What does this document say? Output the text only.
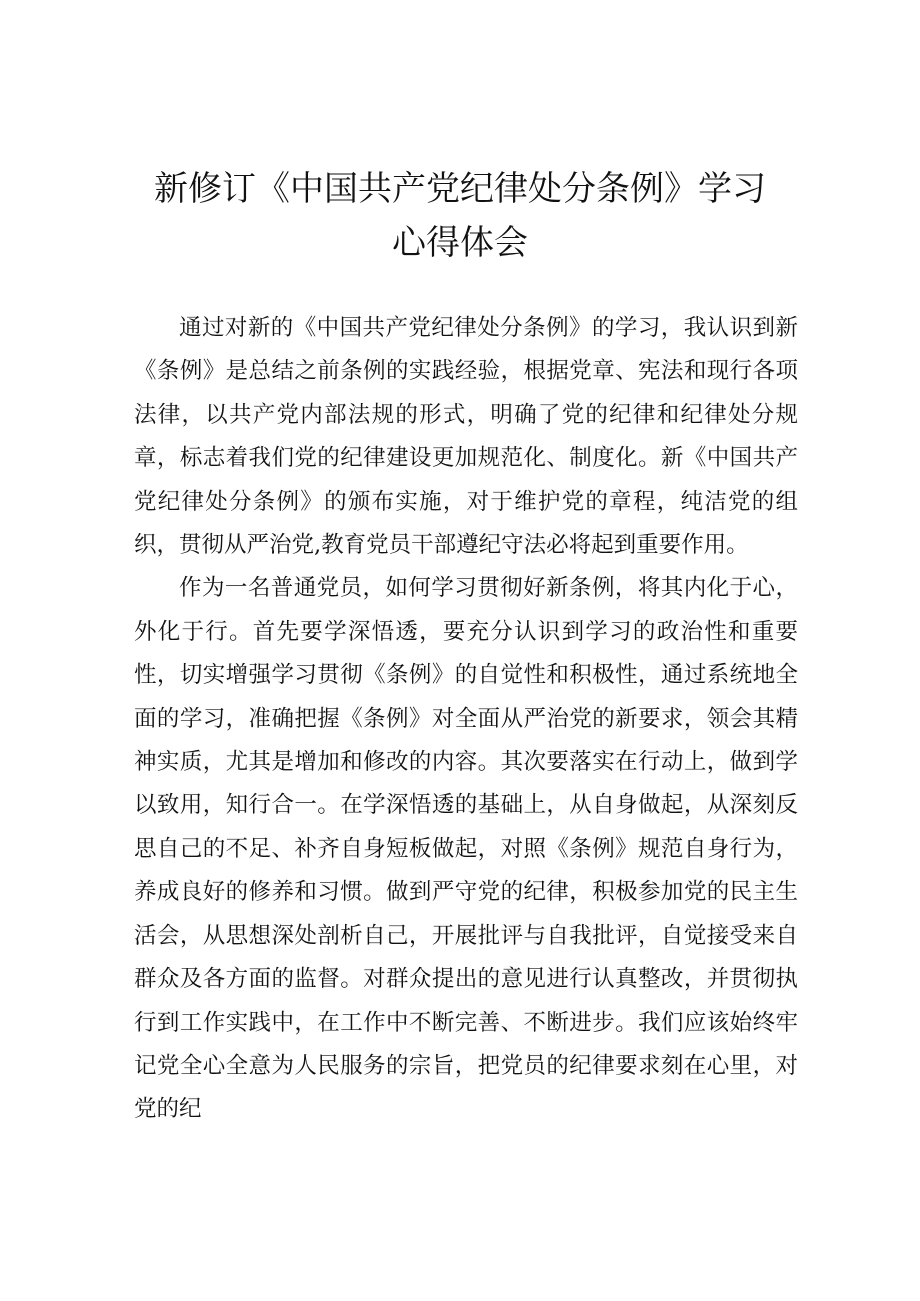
新修订《中国共产党纪律处分条例》学习
心得体会

通过对新的《中国共产党纪律处分条例》的学习，我认识到新《条例》是总结之前条例的实践经验，根据党章、宪法和现行各项法律，以共产党内部法规的形式，明确了党的纪律和纪律处分规章，标志着我们党的纪律建设更加规范化、制度化。新《中国共产党纪律处分条例》的颁布实施，对于维护党的章程，纯洁党的组织，贯彻从严治党,教育党员干部遵纪守法必将起到重要作用。

作为一名普通党员，如何学习贯彻好新条例，将其内化于心，外化于行。首先要学深悟透，要充分认识到学习的政治性和重要性，切实增强学习贯彻《条例》的自觉性和积极性，通过系统地全面的学习，准确把握《条例》对全面从严治党的新要求，领会其精神实质，尤其是增加和修改的内容。其次要落实在行动上，做到学以致用，知行合一。在学深悟透的基础上，从自身做起，从深刻反思自己的不足、补齐自身短板做起，对照《条例》规范自身行为，养成良好的修养和习惯。做到严守党的纪律，积极参加党的民主生活会，从思想深处剖析自己，开展批评与自我批评，自觉接受来自群众及各方面的监督。对群众提出的意见进行认真整改，并贯彻执行到工作实践中，在工作中不断完善、不断进步。我们应该始终牢记党全心全意为人民服务的宗旨，把党员的纪律要求刻在心里，对党的纪
